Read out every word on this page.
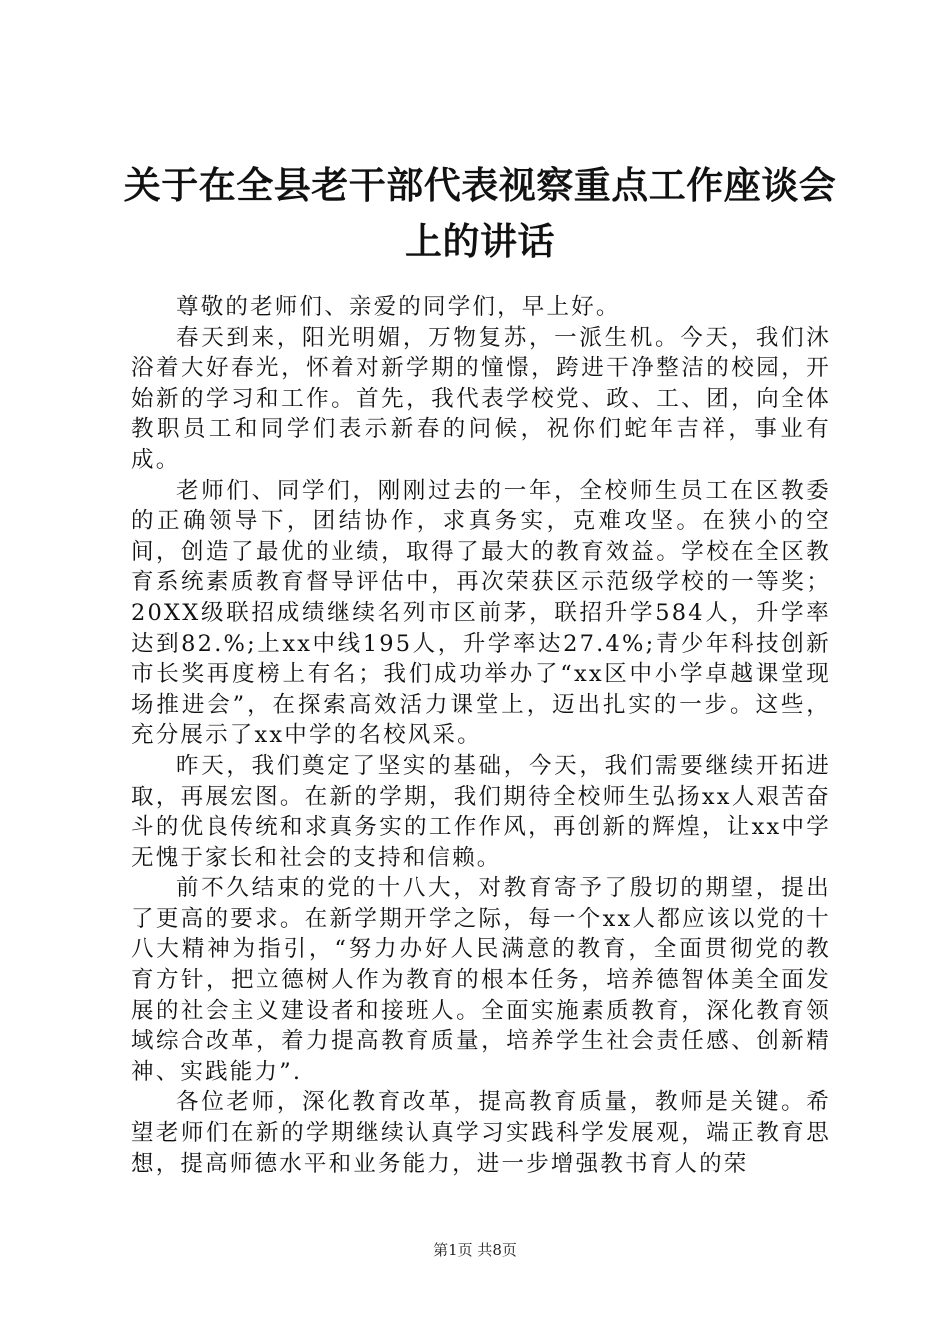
关于在全县老干部代表视察重点工作座谈会上的讲话

尊敬的老师们、亲爱的同学们，早上好。

春天到来，阳光明媚，万物复苏，一派生机。今天，我们沐浴着大好春光，怀着对新学期的憧憬，跨进干净整洁的校园，开始新的学习和工作。首先，我代表学校党、政、工、团，向全体教职员工和同学们表示新春的问候，祝你们蛇年吉祥，事业有成。

老师们、同学们，刚刚过去的一年，全校师生员工在区教委的正确领导下，团结协作，求真务实，克难攻坚。在狭小的空间，创造了最优的业绩，取得了最大的教育效益。学校在全区教育系统素质教育督导评估中，再次荣获区示范级学校的一等奖；20XX级联招成绩继续名列市区前茅，联招升学584人，升学率达到82.%;上xx中线195人，升学率达27.4%;青少年科技创新市长奖再度榜上有名；我们成功举办了“xx区中小学卓越课堂现场推进会”，在探索高效活力课堂上，迈出扎实的一步。这些，充分展示了xx中学的名校风采。

昨天，我们奠定了坚实的基础，今天，我们需要继续开拓进取，再展宏图。在新的学期，我们期待全校师生弘扬xx人艰苦奋斗的优良传统和求真务实的工作作风，再创新的辉煌，让xx中学无愧于家长和社会的支持和信赖。

前不久结束的党的十八大，对教育寄予了殷切的期望，提出了更高的要求。在新学期开学之际，每一个xx人都应该以党的十八大精神为指引，“努力办好人民满意的教育，全面贯彻党的教育方针，把立德树人作为教育的根本任务，培养德智体美全面发展的社会主义建设者和接班人。全面实施素质教育，深化教育领域综合改革，着力提高教育质量，培养学生社会责任感、创新精神、实践能力”.

各位老师，深化教育改革，提高教育质量，教师是关键。希望老师们在新的学期继续认真学习实践科学发展观，端正教育思想，提高师德水平和业务能力，进一步增强教书育人的荣

第1页 共8页
